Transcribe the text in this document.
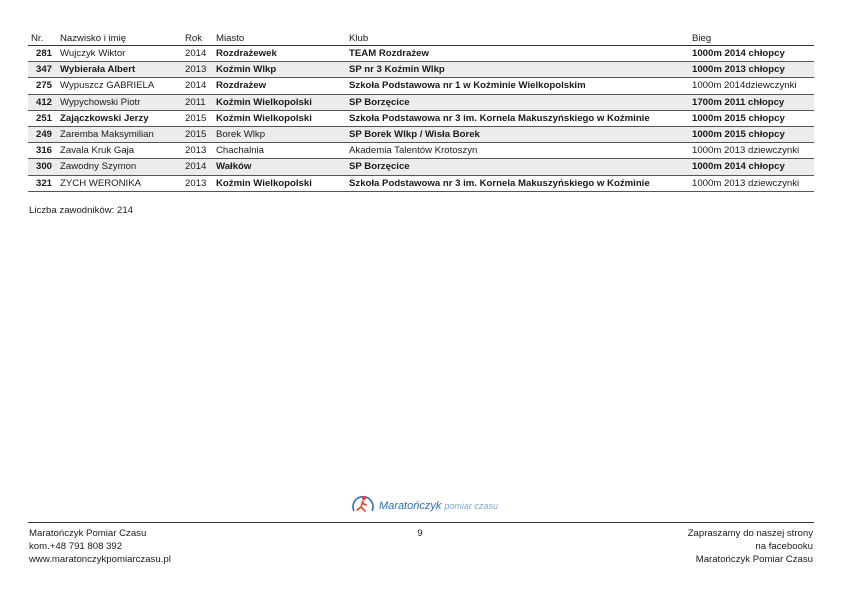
Nr.	Nazwisko i imię	Rok	Miasto	Klub	Bieg
281	Wujczyk Wiktor	2014	Rozdrażewek	TEAM Rozdrażew	1000m 2014 chłopcy
347	Wybierała Albert	2013	Koźmin Wlkp	SP nr 3 Koźmin Wlkp	1000m 2013 chłopcy
275	Wypuszcz GABRIELA	2014	Rozdrażew	Szkoła Podstawowa nr 1 w Koźminie Wielkopolskim	1000m 2014dziewczynki
412	Wypychowski Piotr	2011	Koźmin Wielkopolski	SP Borzęcice	1700m 2011 chłopcy
251	Zajączkowski Jerzy	2015	Koźmin Wielkopolski	Szkoła Podstawowa nr 3 im. Kornela Makuszyńskiego w Koźminie	1000m 2015 chłopcy
249	Zaremba Maksymilian	2015	Borek Wlkp	SP Borek Wlkp / Wisła Borek	1000m 2015 chłopcy
316	Zavala Kruk Gaja	2013	Chachalnia	Akademia Talentów Krotoszyn	1000m 2013 dziewczynki
300	Zawodny Szymon	2014	Wałków	SP Borzęcice	1000m 2014 chłopcy
321	ZYCH WERONIKA	2013	Koźmin Wielkopolski	Szkoła Podstawowa nr 3 im. Kornela Makuszyńskiego w Koźminie	1000m 2013 dziewczynki
Liczba zawodników: 214
Maratończyk pomiar czasu
Maratończyk Pomiar Czasu
kom.+48 791 808 392
www.maratonczykpomiarczasu.pl
9	Zapraszamy do naszej strony
na facebooku
Maratończyk Pomiar Czasu
